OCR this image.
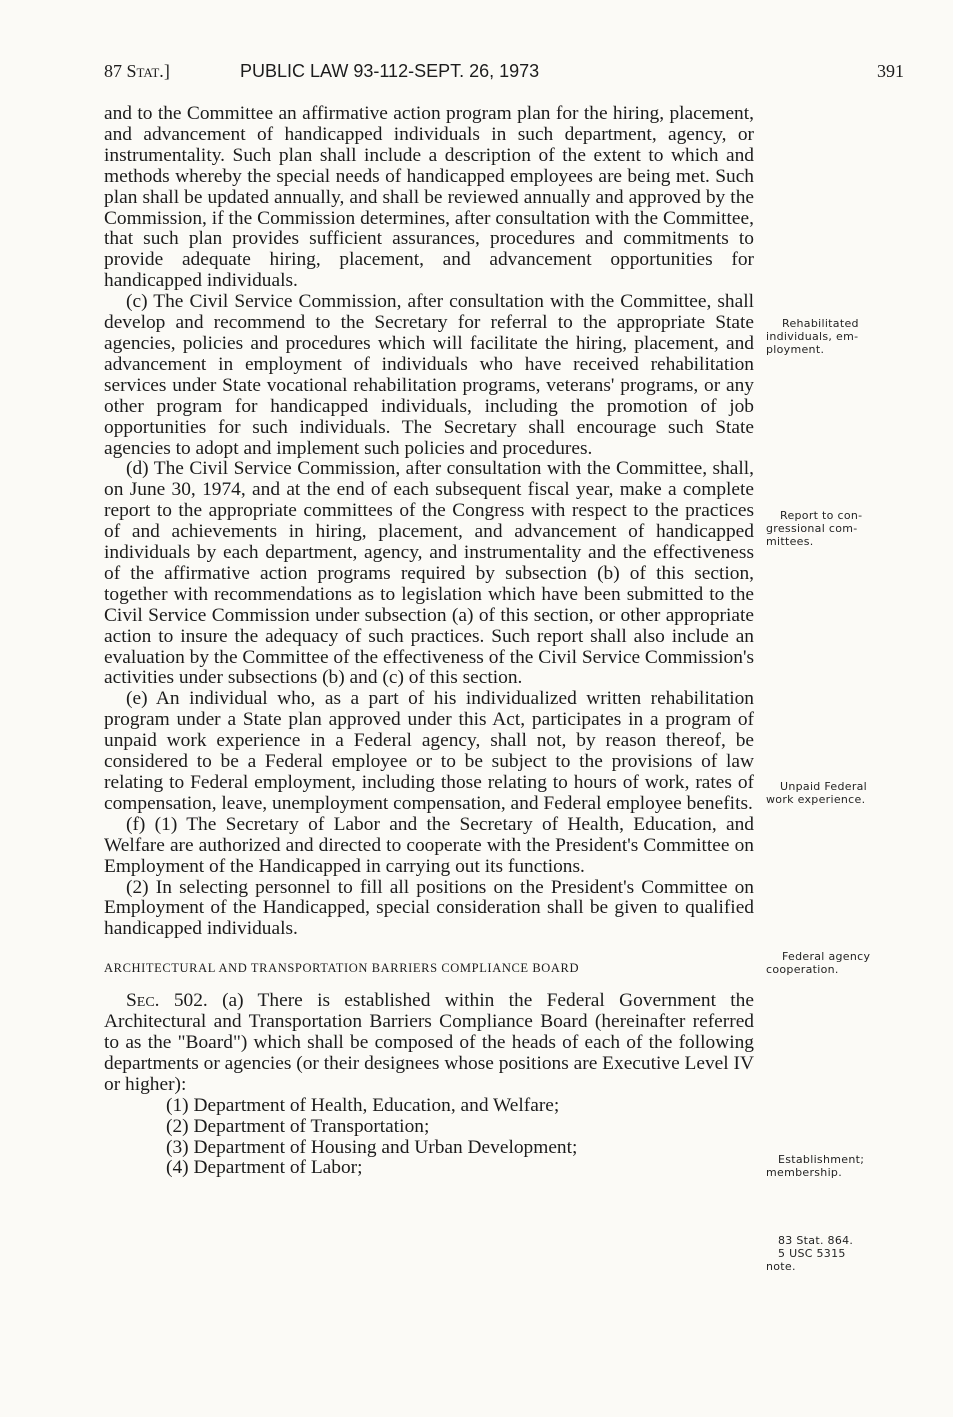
87 Stat.]	PUBLIC LAW 93-112-SEPT. 26, 1973	391

and to the Committee an affirmative action program plan for the hiring, placement, and advancement of handicapped individuals in such department, agency, or instrumentality. Such plan shall include a description of the extent to which and methods whereby the special needs of handicapped employees are being met. Such plan shall be updated annually, and shall be reviewed annually and approved by the Commission, if the Commission determines, after consultation with the Committee, that such plan provides sufficient assurances, procedures and commitments to provide adequate hiring, placement, and advancement opportunities for handicapped individuals.

(c) The Civil Service Commission, after consultation with the Committee, shall develop and recommend to the Secretary for referral to the appropriate State agencies, policies and procedures which will facilitate the hiring, placement, and advancement in employment of individuals who have received rehabilitation services under State vocational rehabilitation programs, veterans' programs, or any other program for handicapped individuals, including the promotion of job opportunities for such individuals. The Secretary shall encourage such State agencies to adopt and implement such policies and procedures.

(d) The Civil Service Commission, after consultation with the Committee, shall, on June 30, 1974, and at the end of each subsequent fiscal year, make a complete report to the appropriate committees of the Congress with respect to the practices of and achievements in hiring, placement, and advancement of handicapped individuals by each department, agency, and instrumentality and the effectiveness of the affirmative action programs required by subsection (b) of this section, together with recommendations as to legislation which have been submitted to the Civil Service Commission under subsection (a) of this section, or other appropriate action to insure the adequacy of such practices. Such report shall also include an evaluation by the Committee of the effectiveness of the Civil Service Commission's activities under subsections (b) and (c) of this section.

(e) An individual who, as a part of his individualized written rehabilitation program under a State plan approved under this Act, participates in a program of unpaid work experience in a Federal agency, shall not, by reason thereof, be considered to be a Federal employee or to be subject to the provisions of law relating to Federal employment, including those relating to hours of work, rates of compensation, leave, unemployment compensation, and Federal employee benefits.

(f) (1) The Secretary of Labor and the Secretary of Health, Education, and Welfare are authorized and directed to cooperate with the President's Committee on Employment of the Handicapped in carrying out its functions.

(2) In selecting personnel to fill all positions on the President's Committee on Employment of the Handicapped, special consideration shall be given to qualified handicapped individuals.

ARCHITECTURAL AND TRANSPORTATION BARRIERS COMPLIANCE BOARD

Sec. 502. (a) There is established within the Federal Government the Architectural and Transportation Barriers Compliance Board (hereinafter referred to as the "Board") which shall be composed of the heads of each of the following departments or agencies (or their designees whose positions are Executive Level IV or higher):

(1) Department of Health, Education, and Welfare;
(2) Department of Transportation;
(3) Department of Housing and Urban Development;
(4) Department of Labor;
Rehabilitated
individuals, em-
ployment.
Report to con-
gressional com-
mittees.
Unpaid Federal
work experience.
Federal agency
cooperation.
Establishment;
membership.
83 Stat. 864.
5 USC 5315
note.
